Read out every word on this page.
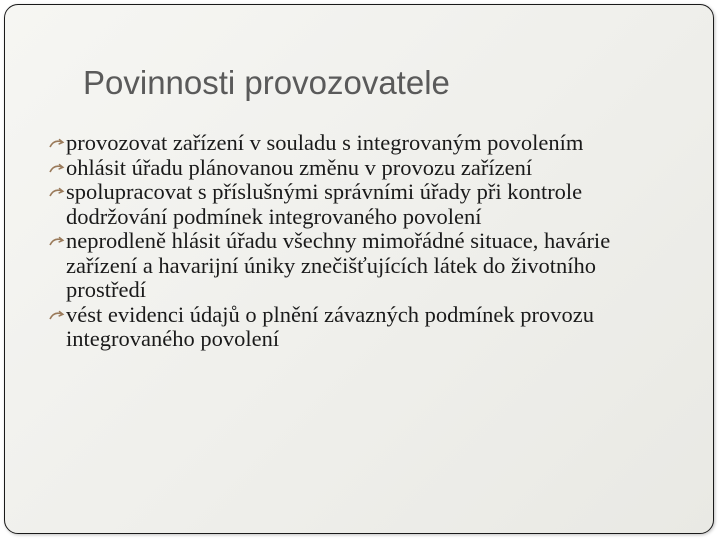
Povinnosti provozovatele
provozovat zařízení v souladu s integrovaným povolením
ohlásit úřadu plánovanou změnu v provozu zařízení
spolupracovat s příslušnými správními úřady při kontrole dodržování podmínek integrovaného povolení
neprodleně hlásit úřadu všechny mimořádné situace, havárie zařízení a havarijní úniky znečišťujících látek do životního prostředí
vést evidenci údajů o plnění závazných podmínek provozu integrovaného povolení
